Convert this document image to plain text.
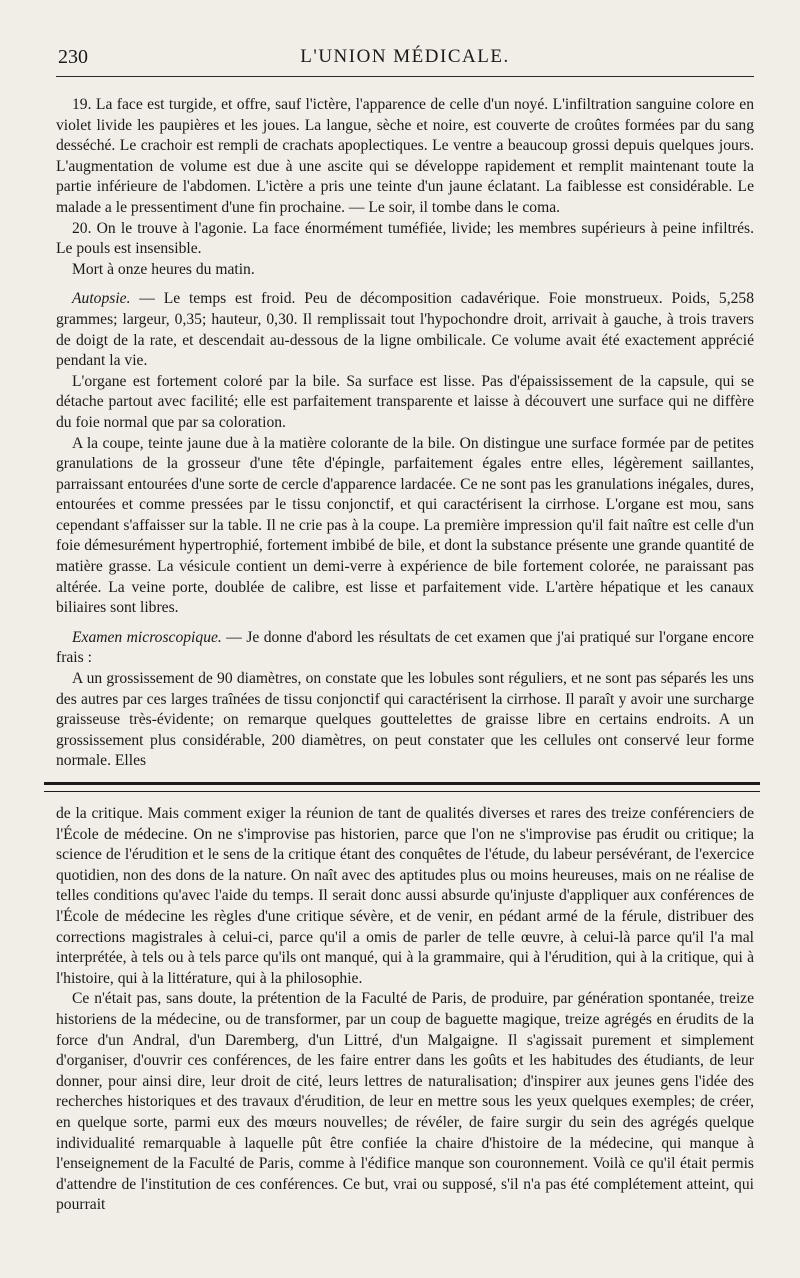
230	L'UNION MÉDICALE.

19. La face est turgide, et offre, sauf l'ictère, l'apparence de celle d'un noyé. L'infiltration sanguine colore en violet livide les paupières et les joues. La langue, sèche et noire, est couverte de croûtes formées par du sang desséché. Le crachoir est rempli de crachats apoplectiques. Le ventre a beaucoup grossi depuis quelques jours. L'augmentation de volume est due à une ascite qui se développe rapidement et remplit maintenant toute la partie inférieure de l'abdomen. L'ictère a pris une teinte d'un jaune éclatant. La faiblesse est considérable. Le malade a le pressentiment d'une fin prochaine. — Le soir, il tombe dans le coma.

20. On le trouve à l'agonie. La face énormément tuméfiée, livide; les membres supérieurs à peine infiltrés. Le pouls est insensible.

Mort à onze heures du matin.

Autopsie. — Le temps est froid. Peu de décomposition cadavérique. Foie monstrueux. Poids, 5,258 grammes; largeur, 0,35; hauteur, 0,30. Il remplissait tout l'hypochondre droit, arrivait à gauche, à trois travers de doigt de la rate, et descendait au-dessous de la ligne ombilicale. Ce volume avait été exactement apprécié pendant la vie.

L'organe est fortement coloré par la bile. Sa surface est lisse. Pas d'épaississement de la capsule, qui se détache partout avec facilité; elle est parfaitement transparente et laisse à découvert une surface qui ne diffère du foie normal que par sa coloration.

A la coupe, teinte jaune due à la matière colorante de la bile. On distingue une surface formée par de petites granulations de la grosseur d'une tête d'épingle, parfaitement égales entre elles, légèrement saillantes, parraissant entourées d'une sorte de cercle d'apparence lardacée. Ce ne sont pas les granulations inégales, dures, entourées et comme pressées par le tissu conjonctif, et qui caractérisent la cirrhose. L'organe est mou, sans cependant s'affaisser sur la table. Il ne crie pas à la coupe. La première impression qu'il fait naître est celle d'un foie démesurément hypertrophié, fortement imbibé de bile, et dont la substance présente une grande quantité de matière grasse. La vésicule contient un demi-verre à expérience de bile fortement colorée, ne paraissant pas altérée. La veine porte, doublée de calibre, est lisse et parfaitement vide. L'artère hépatique et les canaux biliaires sont libres.

Examen microscopique. — Je donne d'abord les résultats de cet examen que j'ai pratiqué sur l'organe encore frais :

A un grossissement de 90 diamètres, on constate que les lobules sont réguliers, et ne sont pas séparés les uns des autres par ces larges traînées de tissu conjonctif qui caractérisent la cirrhose. Il paraît y avoir une surcharge graisseuse très-évidente; on remarque quelques gouttelettes de graisse libre en certains endroits. A un grossissement plus considérable, 200 diamètres, on peut constater que les cellules ont conservé leur forme normale. Elles

de la critique. Mais comment exiger la réunion de tant de qualités diverses et rares des treize conférenciers de l'École de médecine. On ne s'improvise pas historien, parce que l'on ne s'improvise pas érudit ou critique; la science de l'érudition et le sens de la critique étant des conquêtes de l'étude, du labeur persévérant, de l'exercice quotidien, non des dons de la nature. On naît avec des aptitudes plus ou moins heureuses, mais on ne réalise de telles conditions qu'avec l'aide du temps. Il serait donc aussi absurde qu'injuste d'appliquer aux conférences de l'École de médecine les règles d'une critique sévère, et de venir, en pédant armé de la férule, distribuer des corrections magistrales à celui-ci, parce qu'il a omis de parler de telle œuvre, à celui-là parce qu'il l'a mal interprétée, à tels ou à tels parce qu'ils ont manqué, qui à la grammaire, qui à l'érudition, qui à la critique, qui à l'histoire, qui à la littérature, qui à la philosophie.

Ce n'était pas, sans doute, la prétention de la Faculté de Paris, de produire, par génération spontanée, treize historiens de la médecine, ou de transformer, par un coup de baguette magique, treize agrégés en érudits de la force d'un Andral, d'un Daremberg, d'un Littré, d'un Malgaigne. Il s'agissait purement et simplement d'organiser, d'ouvrir ces conférences, de les faire entrer dans les goûts et les habitudes des étudiants, de leur donner, pour ainsi dire, leur droit de cité, leurs lettres de naturalisation; d'inspirer aux jeunes gens l'idée des recherches historiques et des travaux d'érudition, de leur en mettre sous les yeux quelques exemples; de créer, en quelque sorte, parmi eux des mœurs nouvelles; de révéler, de faire surgir du sein des agrégés quelque individualité remarquable à laquelle pût être confiée la chaire d'histoire de la médecine, qui manque à l'enseignement de la Faculté de Paris, comme à l'édifice manque son couronnement. Voilà ce qu'il était permis d'attendre de l'institution de ces conférences. Ce but, vrai ou supposé, s'il n'a pas été complétement atteint, qui pourrait
